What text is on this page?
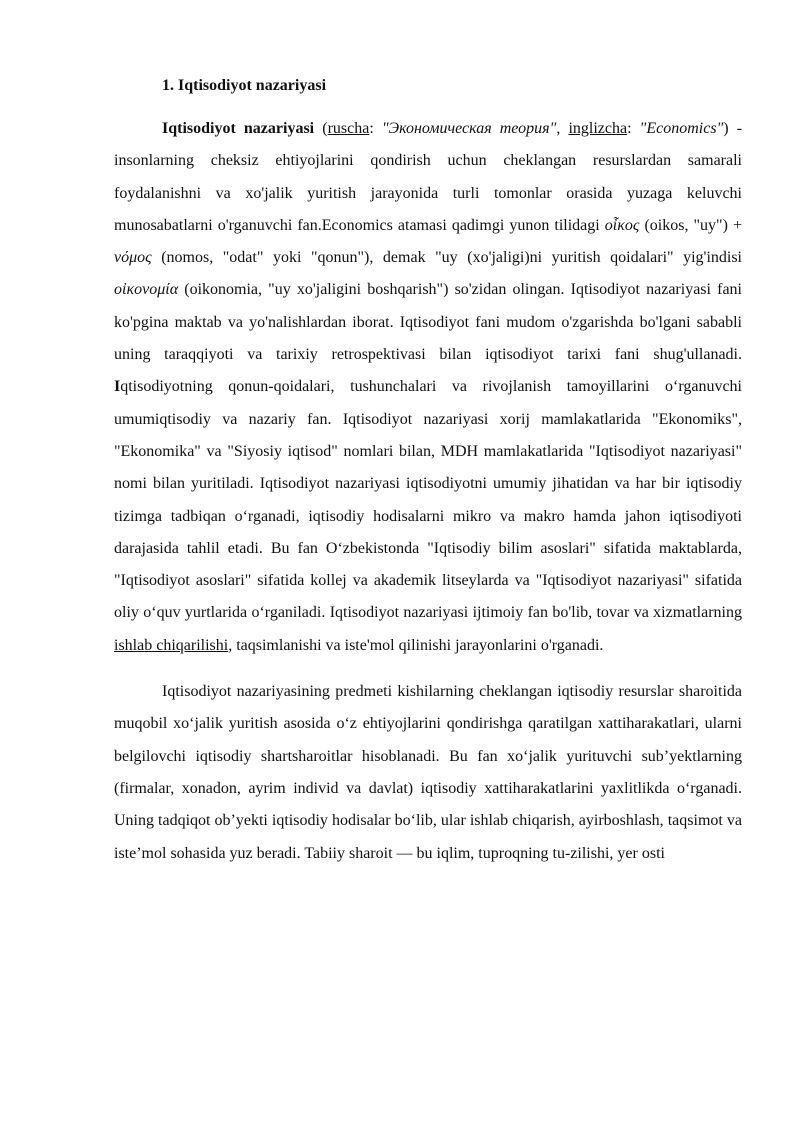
1. Iqtisodiyot nazariyasi

Iqtisodiyot nazariyasi (ruscha: "Экономическая теория", inglizcha: "Economics") - insonlarning cheksiz ehtiyojlarini qondirish uchun cheklangan resurslardan samarali foydalanishni va xo'jalik yuritish jarayonida turli tomonlar orasida yuzaga keluvchi munosabatlarni o'rganuvchi fan.Economics atamasi qadimgi yunon tilidagi οἶκος (oikos, "uy") + νόμος (nomos, "odat" yoki "qonun"), demak "uy (xo'jaligi)ni yuritish qoidalari" yig'indisi οἰκονομία (oikonomia, "uy xo'jaligini boshqarish") so'zidan olingan. Iqtisodiyot nazariyasi fani ko'pgina maktab va yo'nalishlardan iborat. Iqtisodiyot fani mudom o'zgarishda bo'lgani sababli uning taraqqiyoti va tarixiy retrospektivasi bilan iqtisodiyot tarixi fani shug'ullanadi. Iqtisodiyotning qonun-qoidalari, tushunchalari va rivojlanish tamoyillarini o‘rganuvchi umumiqtisodiy va nazariy fan. Iqtisodiyot nazariyasi xorij mamlakatlarida "Ekonomiks", "Ekonomika" va "Siyosiy iqtisod" nomlari bilan, MDH mamlakatlarida "Iqtisodiyot nazariyasi" nomi bilan yuritiladi. Iqtisodiyot nazariyasi iqtisodiyotni umumiy jihatidan va har bir iqtisodiy tizimga tadbiqan o‘rganadi, iqtisodiy hodisalarni mikro va makro hamda jahon iqtisodiyoti darajasida tahlil etadi. Bu fan O‘zbekistonda "Iqtisodiy bilim asoslari" sifatida maktablarda, "Iqtisodiyot asoslari" sifatida kollej va akademik litseylarda va "Iqtisodiyot nazariyasi" sifatida oliy o‘quv yurtlarida o‘rganiladi. Iqtisodiyot nazariyasi ijtimoiy fan bo'lib, tovar va xizmatlarning ishlab chiqarilishi, taqsimlanishi va iste'mol qilinishi jarayonlarini o'rganadi.

Iqtisodiyot nazariyasining predmeti kishilarning cheklangan iqtisodiy resurslar sharoitida muqobil xo‘jalik yuritish asosida o‘z ehtiyojlarini qondirishga qaratilgan xattiharakatlari, ularni belgilovchi iqtisodiy shartsharoitlar hisoblanadi. Bu fan xo‘jalik yurituvchi sub’yektlarning (firmalar, xonadon, ayrim individ va davlat) iqtisodiy xattiharakatlarini yaxlitlikda o‘rganadi. Uning tadqiqot ob’yekti iqtisodiy hodisalar bo‘lib, ular ishlab chiqarish, ayirboshlash, taqsimot va iste’mol sohasida yuz beradi. Tabiiy sharoit — bu iqlim, tuproqning tu-zilishi, yer osti
